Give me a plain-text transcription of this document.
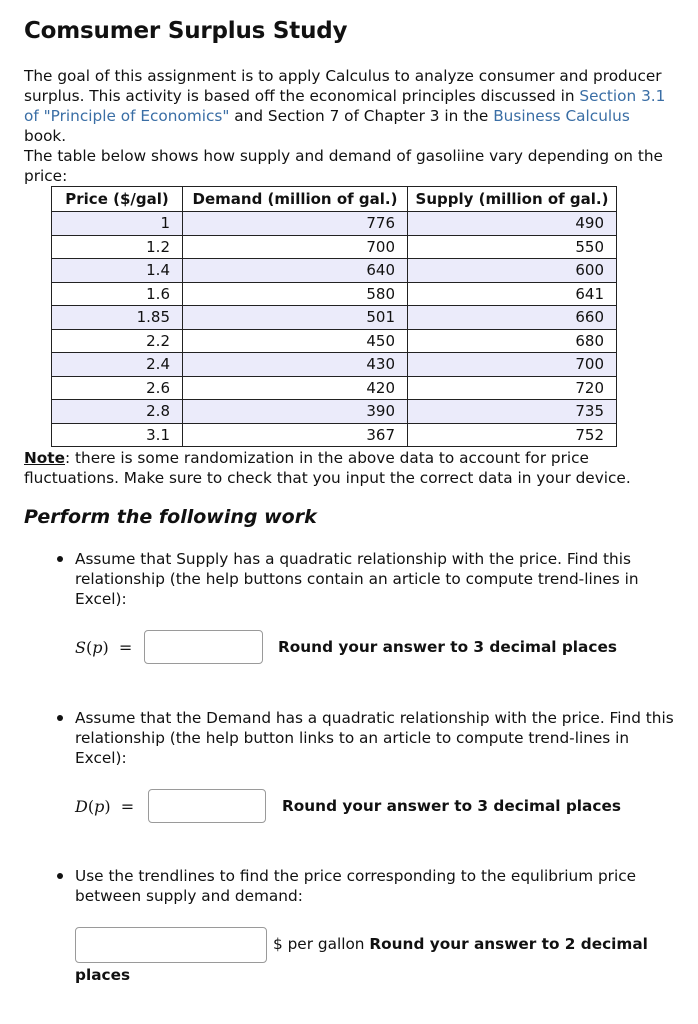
Comsumer Surplus Study
The goal of this assignment is to apply Calculus to analyze consumer and producer surplus. This activity is based off the economical principles discussed in Section 3.1 of "Principle of Economics" and Section 7 of Chapter 3 in the Business Calculus book.
The table below shows how supply and demand of gasoliine vary depending on the price:
Price ($/gal)	Demand (million of gal.)	Supply (million of gal.)
1	776	490
1.2	700	550
1.4	640	600
1.6	580	641
1.85	501	660
2.2	450	680
2.4	430	700
2.6	420	720
2.8	390	735
3.1	367	752
Note: there is some randomization in the above data to account for price fluctuations. Make sure to check that you input the correct data in your device.
Perform the following work

Assume that Supply has a quadratic relationship with the price. Find this relationship (the help buttons contain an article to compute trend-lines in Excel):

S(p)  =	Round your answer to 3 decimal places

Assume that the Demand has a quadratic relationship with the price. Find this relationship (the help button links to an article to compute trend-lines in Excel):

D(p)  =	Round your answer to 3 decimal places

Use the trendlines to find the price corresponding to the equlibrium price between supply and demand:

$ per gallon Round your answer to 2 decimal
places
